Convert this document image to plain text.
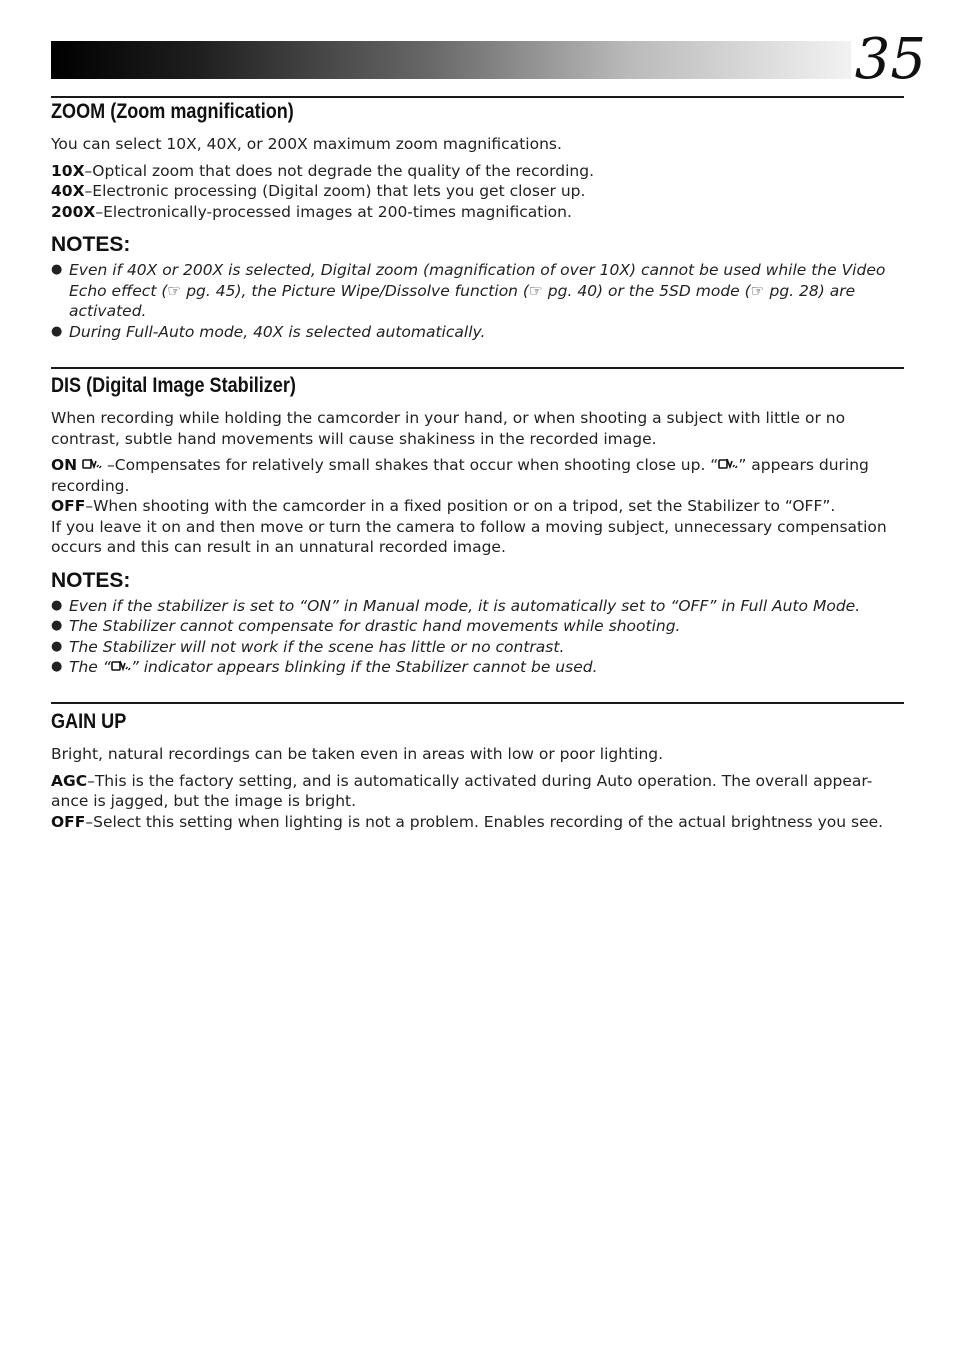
35
ZOOM (Zoom magnification)

You can select 10X, 40X, or 200X maximum zoom magnifications.

10X–Optical zoom that does not degrade the quality of the recording.

40X–Electronic processing (Digital zoom) that lets you get closer up.

200X–Electronically-processed images at 200-times magnification.

NOTES:
● Even if 40X or 200X is selected, Digital zoom (magnification of over 10X) cannot be used while the Video Echo effect (☞ pg. 45), the Picture Wipe/Dissolve function (☞ pg. 40) or the 5SD mode (☞ pg. 28) are activated.
● During Full-Auto mode, 40X is selected automatically.
DIS (Digital Image Stabilizer)

When recording while holding the camcorder in your hand, or when shooting a subject with little or no contrast, subtle hand movements will cause shakiness in the recorded image.

ON  –Compensates for relatively small shakes that occur when shooting close up. “ ” appears during recording.

OFF–When shooting with the camcorder in a fixed position or on a tripod, set the Stabilizer to “OFF”.

If you leave it on and then move or turn the camera to follow a moving subject, unnecessary compensation occurs and this can result in an unnatural recorded image.

NOTES:
● Even if the stabilizer is set to “ON” in Manual mode, it is automatically set to “OFF” in Full Auto Mode.
● The Stabilizer cannot compensate for drastic hand movements while shooting.
● The Stabilizer will not work if the scene has little or no contrast.
● The “ ” indicator appears blinking if the Stabilizer cannot be used.
GAIN UP

Bright, natural recordings can be taken even in areas with low or poor lighting.

AGC–This is the factory setting, and is automatically activated during Auto operation. The overall appear-ance is jagged, but the image is bright.

OFF–Select this setting when lighting is not a problem. Enables recording of the actual brightness you see.
